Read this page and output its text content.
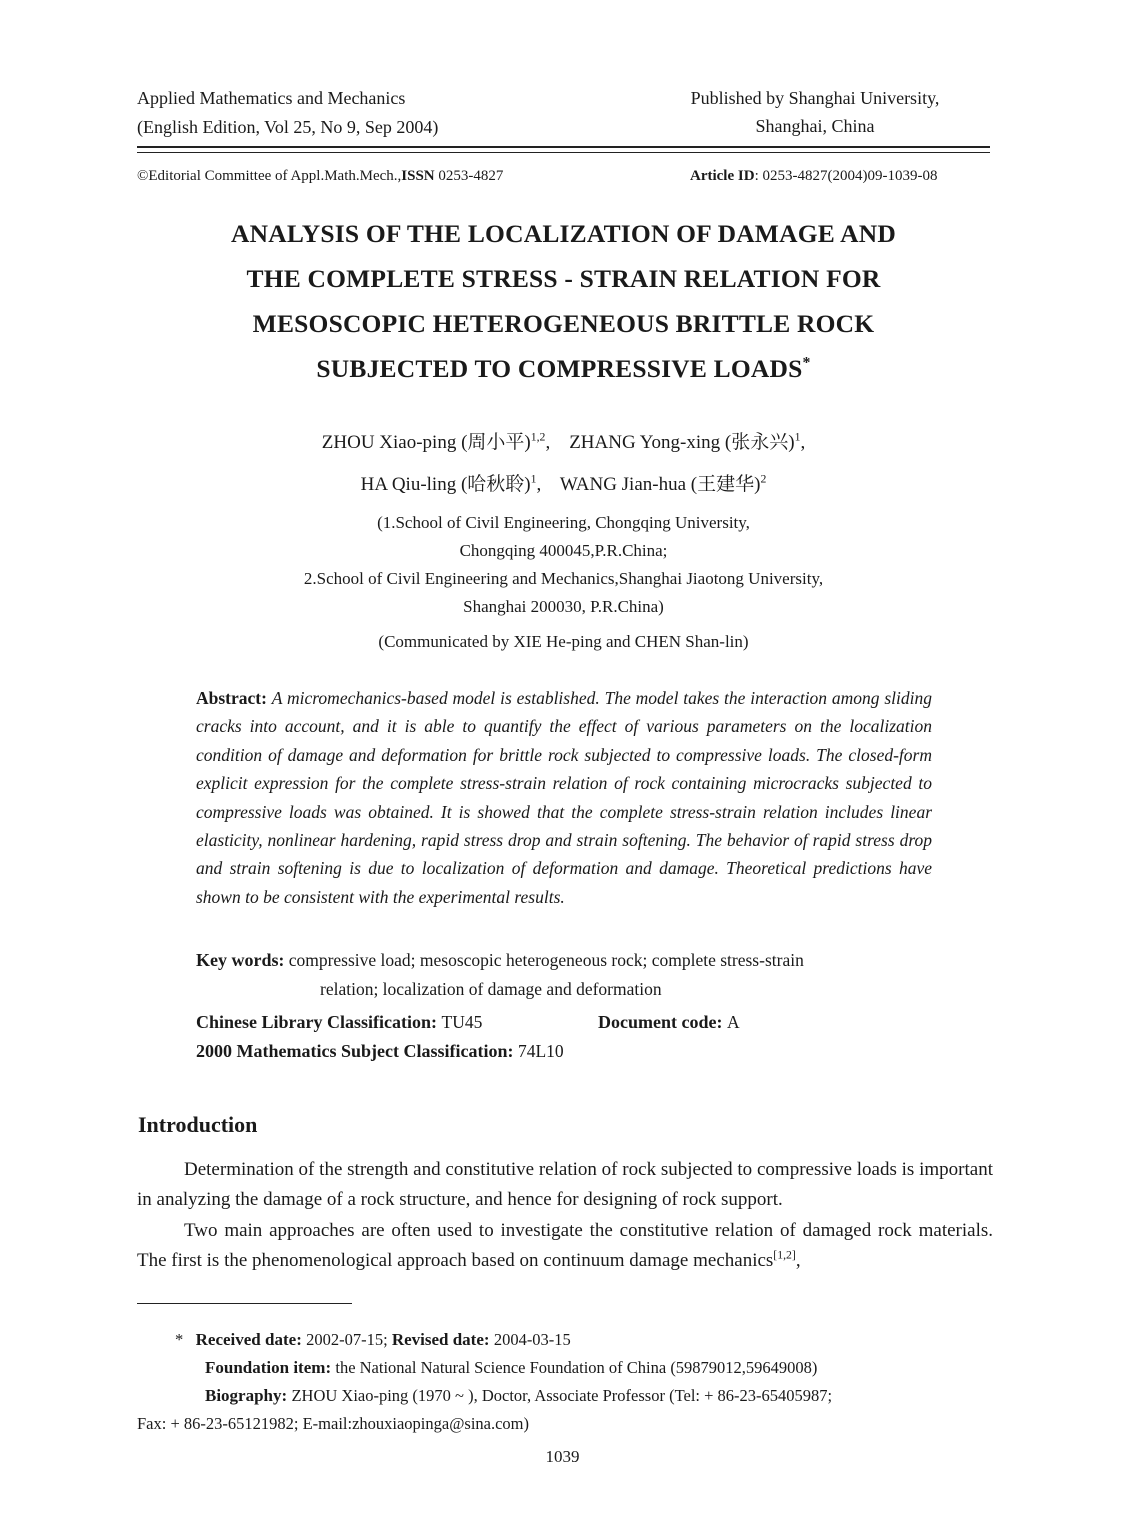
Applied Mathematics and Mechanics
(English Edition, Vol 25, No 9, Sep 2004)
Published by Shanghai University,
Shanghai, China
©Editorial Committee of Appl.Math.Mech.,ISSN 0253-4827	Article ID: 0253-4827(2004)09-1039-08
ANALYSIS OF THE LOCALIZATION OF DAMAGE AND
THE COMPLETE STRESS - STRAIN RELATION FOR
MESOSCOPIC HETEROGENEOUS BRITTLE ROCK
SUBJECTED TO COMPRESSIVE LOADS*
ZHOU Xiao-ping (周小平)$^{1,2}$,    ZHANG Yong-xing (张永兴)$^1$,
HA Qiu-ling (哈秋聆)$^1$,    WANG Jian-hua (王建华)$^2$
(1.School of Civil Engineering, Chongqing University,
Chongqing 400045,P.R.China;
2.School of Civil Engineering and Mechanics,Shanghai Jiaotong University,
Shanghai 200030, P.R.China)
(Communicated by XIE He-ping and CHEN Shan-lin)
Abstract: A micromechanics-based model is established. The model takes the interaction among sliding cracks into account, and it is able to quantify the effect of various parameters on the localization condition of damage and deformation for brittle rock subjected to compressive loads. The closed-form explicit expression for the complete stress-strain relation of rock containing microcracks subjected to compressive loads was obtained. It is showed that the complete stress-strain relation includes linear elasticity, nonlinear hardening, rapid stress drop and strain softening. The behavior of rapid stress drop and strain softening is due to localization of deformation and damage. Theoretical predictions have shown to be consistent with the experimental results.
Key words: compressive load; mesoscopic heterogeneous rock; complete stress-strain
relation; localization of damage and deformation
Chinese Library Classification: TU45	Document code: A
2000 Mathematics Subject Classification: 74L10
Introduction
Determination of the strength and constitutive relation of rock subjected to compressive loads is important in analyzing the damage of a rock structure, and hence for designing of rock support.
Two main approaches are often used to investigate the constitutive relation of damaged rock materials. The first is the phenomenological approach based on continuum damage mechanics[1,2],
* Received date: 2002-07-15; Revised date: 2004-03-15
Foundation item: the National Natural Science Foundation of China (59879012,59649008)
Biography: ZHOU Xiao-ping (1970 ~ ), Doctor, Associate Professor (Tel: + 86-23-65405987;
Fax: + 86-23-65121982; E-mail:zhouxiaopinga@sina.com)
1039
